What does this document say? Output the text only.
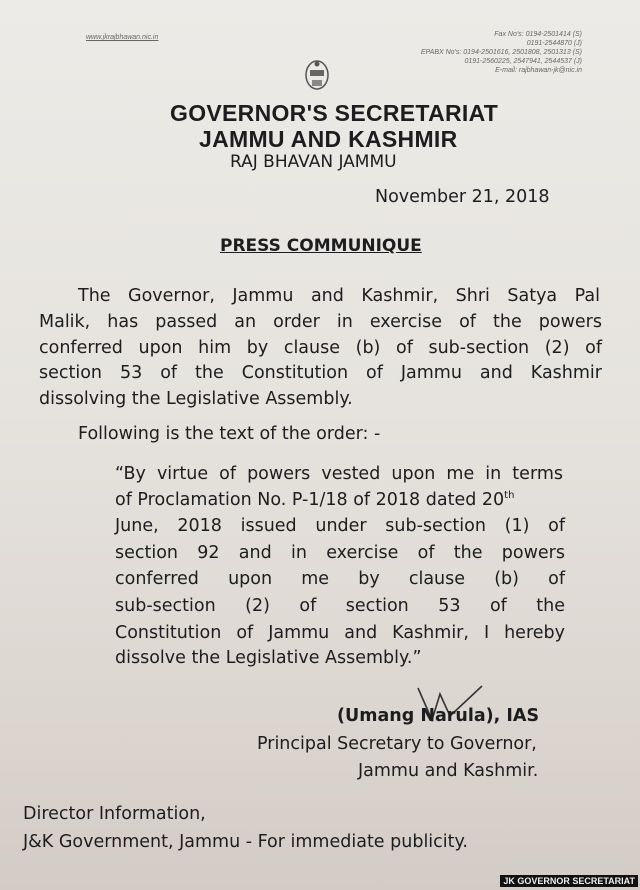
www.jkrajbhawan.nic.in	Fax No's: 0194-2501414 (S)
0191-2544870 (J)
EPABX No's: 0194-2501616, 2501808, 2501313 (S)
0191-2560225, 2547941, 2544537 (J)
E-mail: rajbhawan-jk@nic.in
GOVERNOR'S SECRETARIAT
JAMMU AND KASHMIR
RAJ BHAVAN JAMMU
November 21, 2018
PRESS COMMUNIQUE
The Governor, Jammu and Kashmir, Shri Satya Pal
Malik, has passed an order in exercise of the powers
conferred upon him by clause (b) of sub-section (2) of
section 53 of the Constitution of Jammu and Kashmir
dissolving the Legislative Assembly.
Following is the text of the order: -
“By virtue of powers vested upon me in terms
of Proclamation No. P-1/18 of 2018 dated 20th
June, 2018 issued under sub-section (1) of
section 92 and in exercise of the powers
conferred upon me by clause (b) of
sub-section (2) of section 53 of the
Constitution of Jammu and Kashmir, I hereby
dissolve the Legislative Assembly.”
(Umang Narula), IAS
Principal Secretary to Governor,
Jammu and Kashmir.
Director Information,
J&K Government, Jammu - For immediate publicity.
JK GOVERNOR SECRETARIAT
